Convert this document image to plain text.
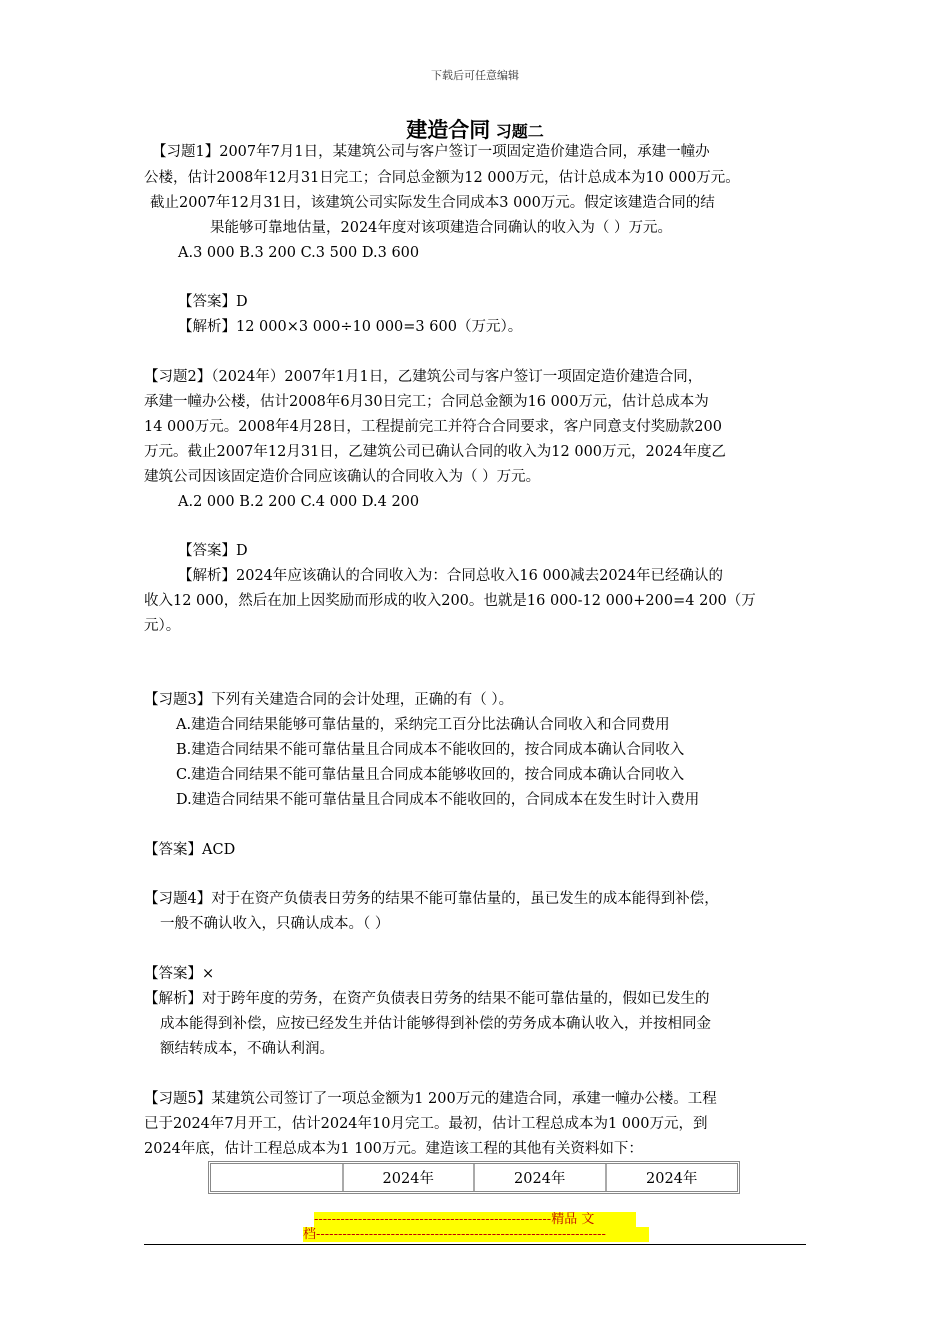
下载后可任意编辑
建造合同 习题二
【习题1】2007年7月1日，某建筑公司与客户签订一项固定造价建造合同，承建一幢办
公楼，估计2008年12月31日完工；合同总金额为12 000万元，估计总成本为10 000万元。
截止2007年12月31日，该建筑公司实际发生合同成本3 000万元。假定该建造合同的结
果能够可靠地估量，2024年度对该项建造合同确认的收入为（ ）万元。
A.3 000 B.3 200 C.3 500 D.3 600
【答案】D
【解析】12 000×3 000÷10 000=3 600（万元）。
【习题2】（2024年）2007年1月1日，乙建筑公司与客户签订一项固定造价建造合同，
承建一幢办公楼，估计2008年6月30日完工；合同总金额为16 000万元，估计总成本为
14 000万元。2008年4月28日，工程提前完工并符合合同要求，客户同意支付奖励款200
万元。截止2007年12月31日，乙建筑公司已确认合同的收入为12 000万元，2024年度乙
建筑公司因该固定造价合同应该确认的合同收入为（ ）万元。
A.2 000 B.2 200 C.4 000 D.4 200
【答案】D
【解析】2024年应该确认的合同收入为：合同总收入16 000减去2024年已经确认的
收入12 000，然后在加上因奖励而形成的收入200。也就是16 000-12 000+200=4 200（万
元）。
【习题3】下列有关建造合同的会计处理，正确的有（ ）。
A.建造合同结果能够可靠估量的，采纳完工百分比法确认合同收入和合同费用
B.建造合同结果不能可靠估量且合同成本不能收回的，按合同成本确认合同收入
C.建造合同结果不能可靠估量且合同成本能够收回的，按合同成本确认合同收入
D.建造合同结果不能可靠估量且合同成本不能收回的，合同成本在发生时计入费用
【答案】ACD
【习题4】对于在资产负债表日劳务的结果不能可靠估量的，虽已发生的成本能得到补偿，
一般不确认收入，只确认成本。（ ）
【答案】×
【解析】对于跨年度的劳务，在资产负债表日劳务的结果不能可靠估量的，假如已发生的
成本能得到补偿，应按已经发生并估计能够得到补偿的劳务成本确认收入，并按相同金
额结转成本，不确认利润。
【习题5】某建筑公司签订了一项总金额为1 200万元的建造合同，承建一幢办公楼。工程
已于2024年7月开工，估计2024年10月完工。最初，估计工程总成本为1 000万元，到
2024年底，估计工程总成本为1 100万元。建造该工程的其他有关资料如下：
	2024年	2024年	2024年
------------------------------------------------------精品 文
档------------------------------------------------------------------
